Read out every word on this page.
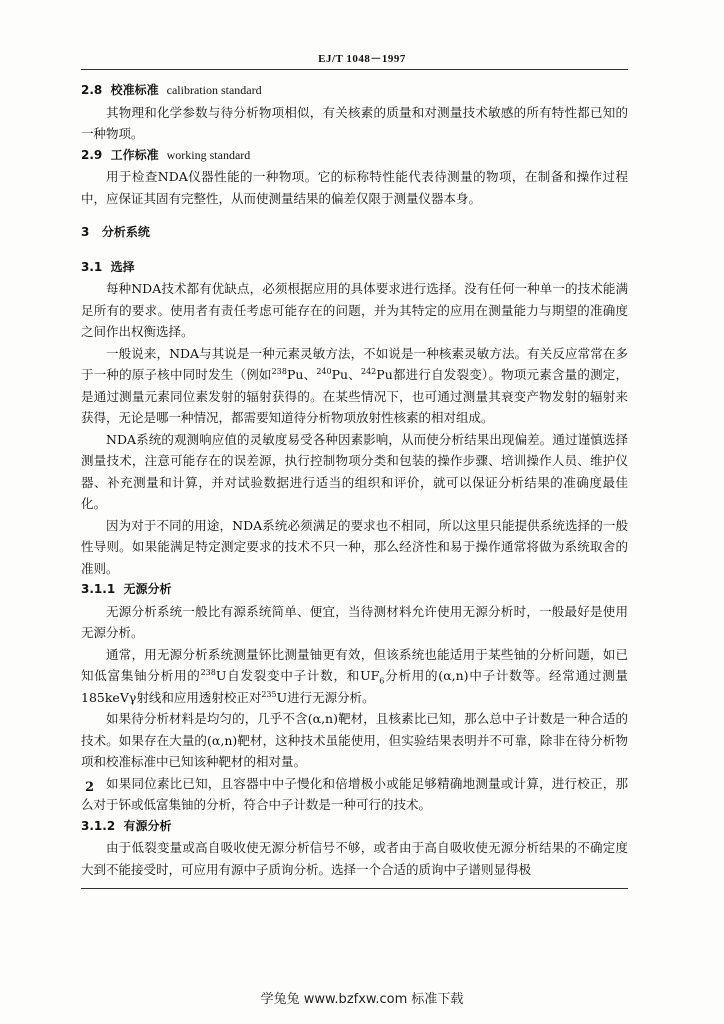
EJ/T 1048－1997
2.8 校准标准 calibration standard

其物理和化学参数与待分析物项相似，有关核素的质量和对测量技术敏感的所有特性都已知的一种物项。

2.9 工作标准 working standard

用于检查NDA仪器性能的一种物项。它的标称特性能代表待测量的物项，在制备和操作过程中，应保证其固有完整性，从而使测量结果的偏差仅限于测量仪器本身。

3 分析系统
3.1 选择

每种NDA技术都有优缺点，必须根据应用的具体要求进行选择。没有任何一种单一的技术能满足所有的要求。使用者有责任考虑可能存在的问题，并为其特定的应用在测量能力与期望的准确度之间作出权衡选择。

一般说来，NDA与其说是一种元素灵敏方法，不如说是一种核素灵敏方法。有关反应常常在多于一种的原子核中同时发生（例如$^{238}$Pu、$^{240}$Pu、$^{242}$Pu都进行自发裂变）。物项元素含量的测定，是通过测量元素同位素发射的辐射获得的。在某些情况下，也可通过测量其衰变产物发射的辐射来获得，无论是哪一种情况，都需要知道待分析物项放射性核素的相对组成。

NDA系统的观测响应值的灵敏度易受各种因素影响，从而使分析结果出现偏差。通过谨慎选择测量技术，注意可能存在的误差源，执行控制物项分类和包装的操作步骤、培训操作人员、维护仪器、补充测量和计算，并对试验数据进行适当的组织和评价，就可以保证分析结果的准确度最佳化。

因为对于不同的用途，NDA系统必须满足的要求也不相同，所以这里只能提供系统选择的一般性导则。如果能满足特定测定要求的技术不只一种，那么经济性和易于操作通常将做为系统取舍的准则。

3.1.1 无源分析

无源分析系统一般比有源系统简单、便宜，当待测材料允许使用无源分析时，一般最好是使用无源分析。

通常，用无源分析系统测量钚比测量铀更有效，但该系统也能适用于某些铀的分析问题，如已知低富集铀分析用的$^{238}$U自发裂变中子计数，和$UF_6$分析用的(α,n)中子计数等。经常通过测量185keVγ射线和应用透射校正对$^{235}$U进行无源分析。

如果待分析材料是均匀的，几乎不含(α,n)靶材，且核素比已知，那么总中子计数是一种合适的技术。如果存在大量的(α,n)靶材，这种技术虽能使用，但实验结果表明并不可靠，除非在待分析物项和校准标准中已知该种靶材的相对量。

如果同位素比已知，且容器中中子慢化和倍增极小或能足够精确地测量或计算，进行校正，那么对于钚或低富集铀的分析，符合中子计数是一种可行的技术。

3.1.2 有源分析

由于低裂变量或高自吸收使无源分析信号不够，或者由于高自吸收使无源分析结果的不确定度大到不能接受时，可应用有源中子质询分析。选择一个合适的质询中子谱则显得极

2
学兔兔 www.bzfxw.com 标准下载
